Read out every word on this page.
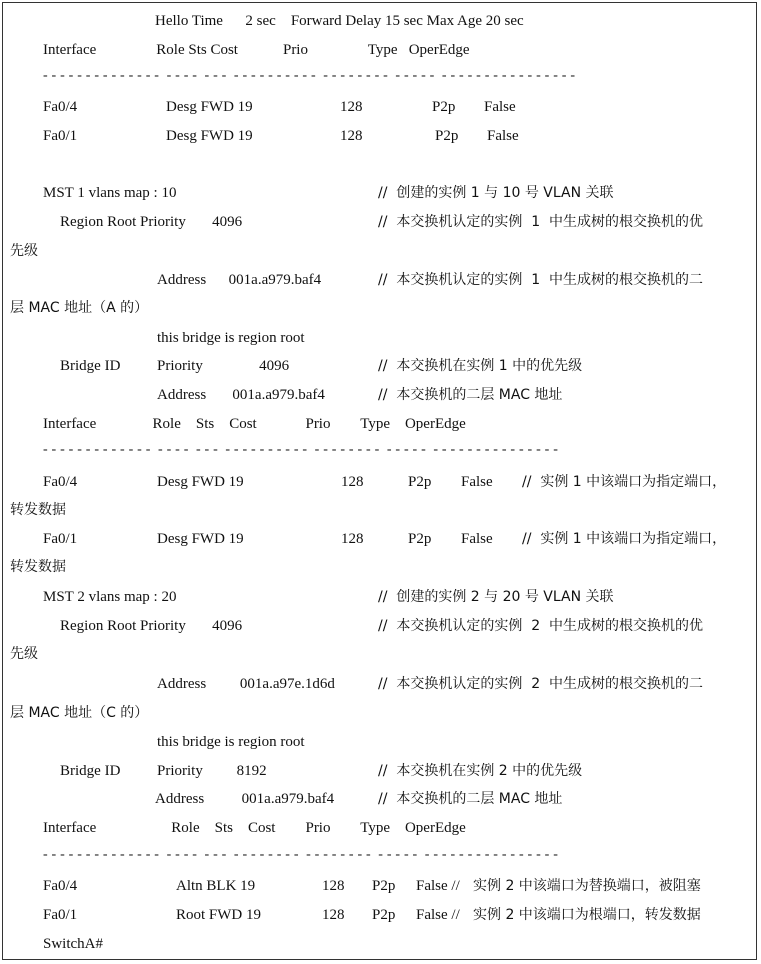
Hello Time      2 sec    Forward Delay 15 sec Max Age 20 sec
Interface                Role Sts Cost            Prio                Type   OperEdge
- - - - - - - - - - - - - -  - - - -  - - -  - - - - - - - - - -  - - - - - - - -  - - - - -  - - - - - - - - - - - - - - - -
Fa0/4	Desg FWD 19	128	P2p False
Fa0/1	Desg FWD 19	128	P2p False
MST 1 vlans map : 10	//  创建的实例 1 与 10 号 VLAN 关联
Region Root Priority       4096	//  本交换机认定的实例  1  中生成树的根交换机的优
先级
Address      001a.a979.baf4	//  本交换机认定的实例  1  中生成树的根交换机的二
层 MAC 地址（A 的）
this bridge is region root
Bridge ID Priority               4096	//  本交换机在实例 1 中的优先级
Address       001a.a979.baf4	//  本交换机的二层 MAC 地址
Interface               Role    Sts    Cost             Prio        Type    OperEdge
- - - - - - - - - - - - -  - - - -  - - -  - - - - - - - - - -  - - - - - - - -  - - - - -  - - - - - - - - - - - - - - -
Fa0/4	Desg FWD 19	128	P2p False //  实例 1 中该端口为指定端口，
转发数据
Fa0/1	Desg FWD 19	128	P2p False //  实例 1 中该端口为指定端口，
转发数据
MST 2 vlans map : 20	//  创建的实例 2 与 20 号 VLAN 关联
Region Root Priority       4096	//  本交换机认定的实例  2  中生成树的根交换机的优
先级
Address         001a.a97e.1d6d	//  本交换机认定的实例  2  中生成树的根交换机的二
层 MAC 地址（C 的）
this bridge is region root
Bridge ID Priority         8192	//  本交换机在实例 2 中的优先级
Address          001a.a979.baf4	//  本交换机的二层 MAC 地址
Interface                    Role    Sts    Cost        Prio        Type    OperEdge
- - - - - - - - - - - - - -  - - - -  - - -  - - - - - - - -  - - - - - - - -  - - - - -  - - - - - - - - - - - - - - - -
Fa0/4	Altn BLK 19	128 P2p False // 实例 2 中该端口为替换端口，被阻塞
Fa0/1	Root FWD 19	128 P2p False // 实例 2 中该端口为根端口，转发数据
SwitchA#
